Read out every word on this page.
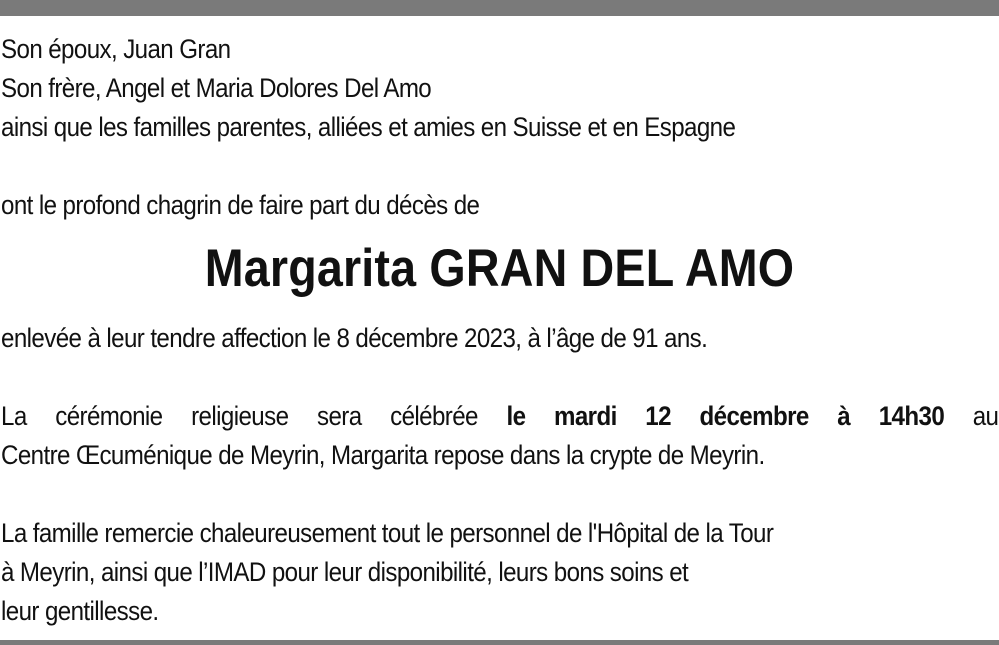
Son époux, Juan Gran
Son frère, Angel et Maria Dolores Del Amo
ainsi que les familles parentes, alliées et amies en Suisse et en Espagne
ont le profond chagrin de faire part du décès de
Margarita GRAN DEL AMO
enlevée à leur tendre affection le 8 décembre 2023, à l’âge de 91 ans.
La cérémonie religieuse sera célébrée le mardi 12 décembre à 14h30 au
Centre Œcuménique de Meyrin, Margarita repose dans la crypte de Meyrin.
La famille remercie chaleureusement tout le personnel de l'Hôpital de la Tour
à Meyrin, ainsi que l’IMAD pour leur disponibilité, leurs bons soins et
leur gentillesse.
